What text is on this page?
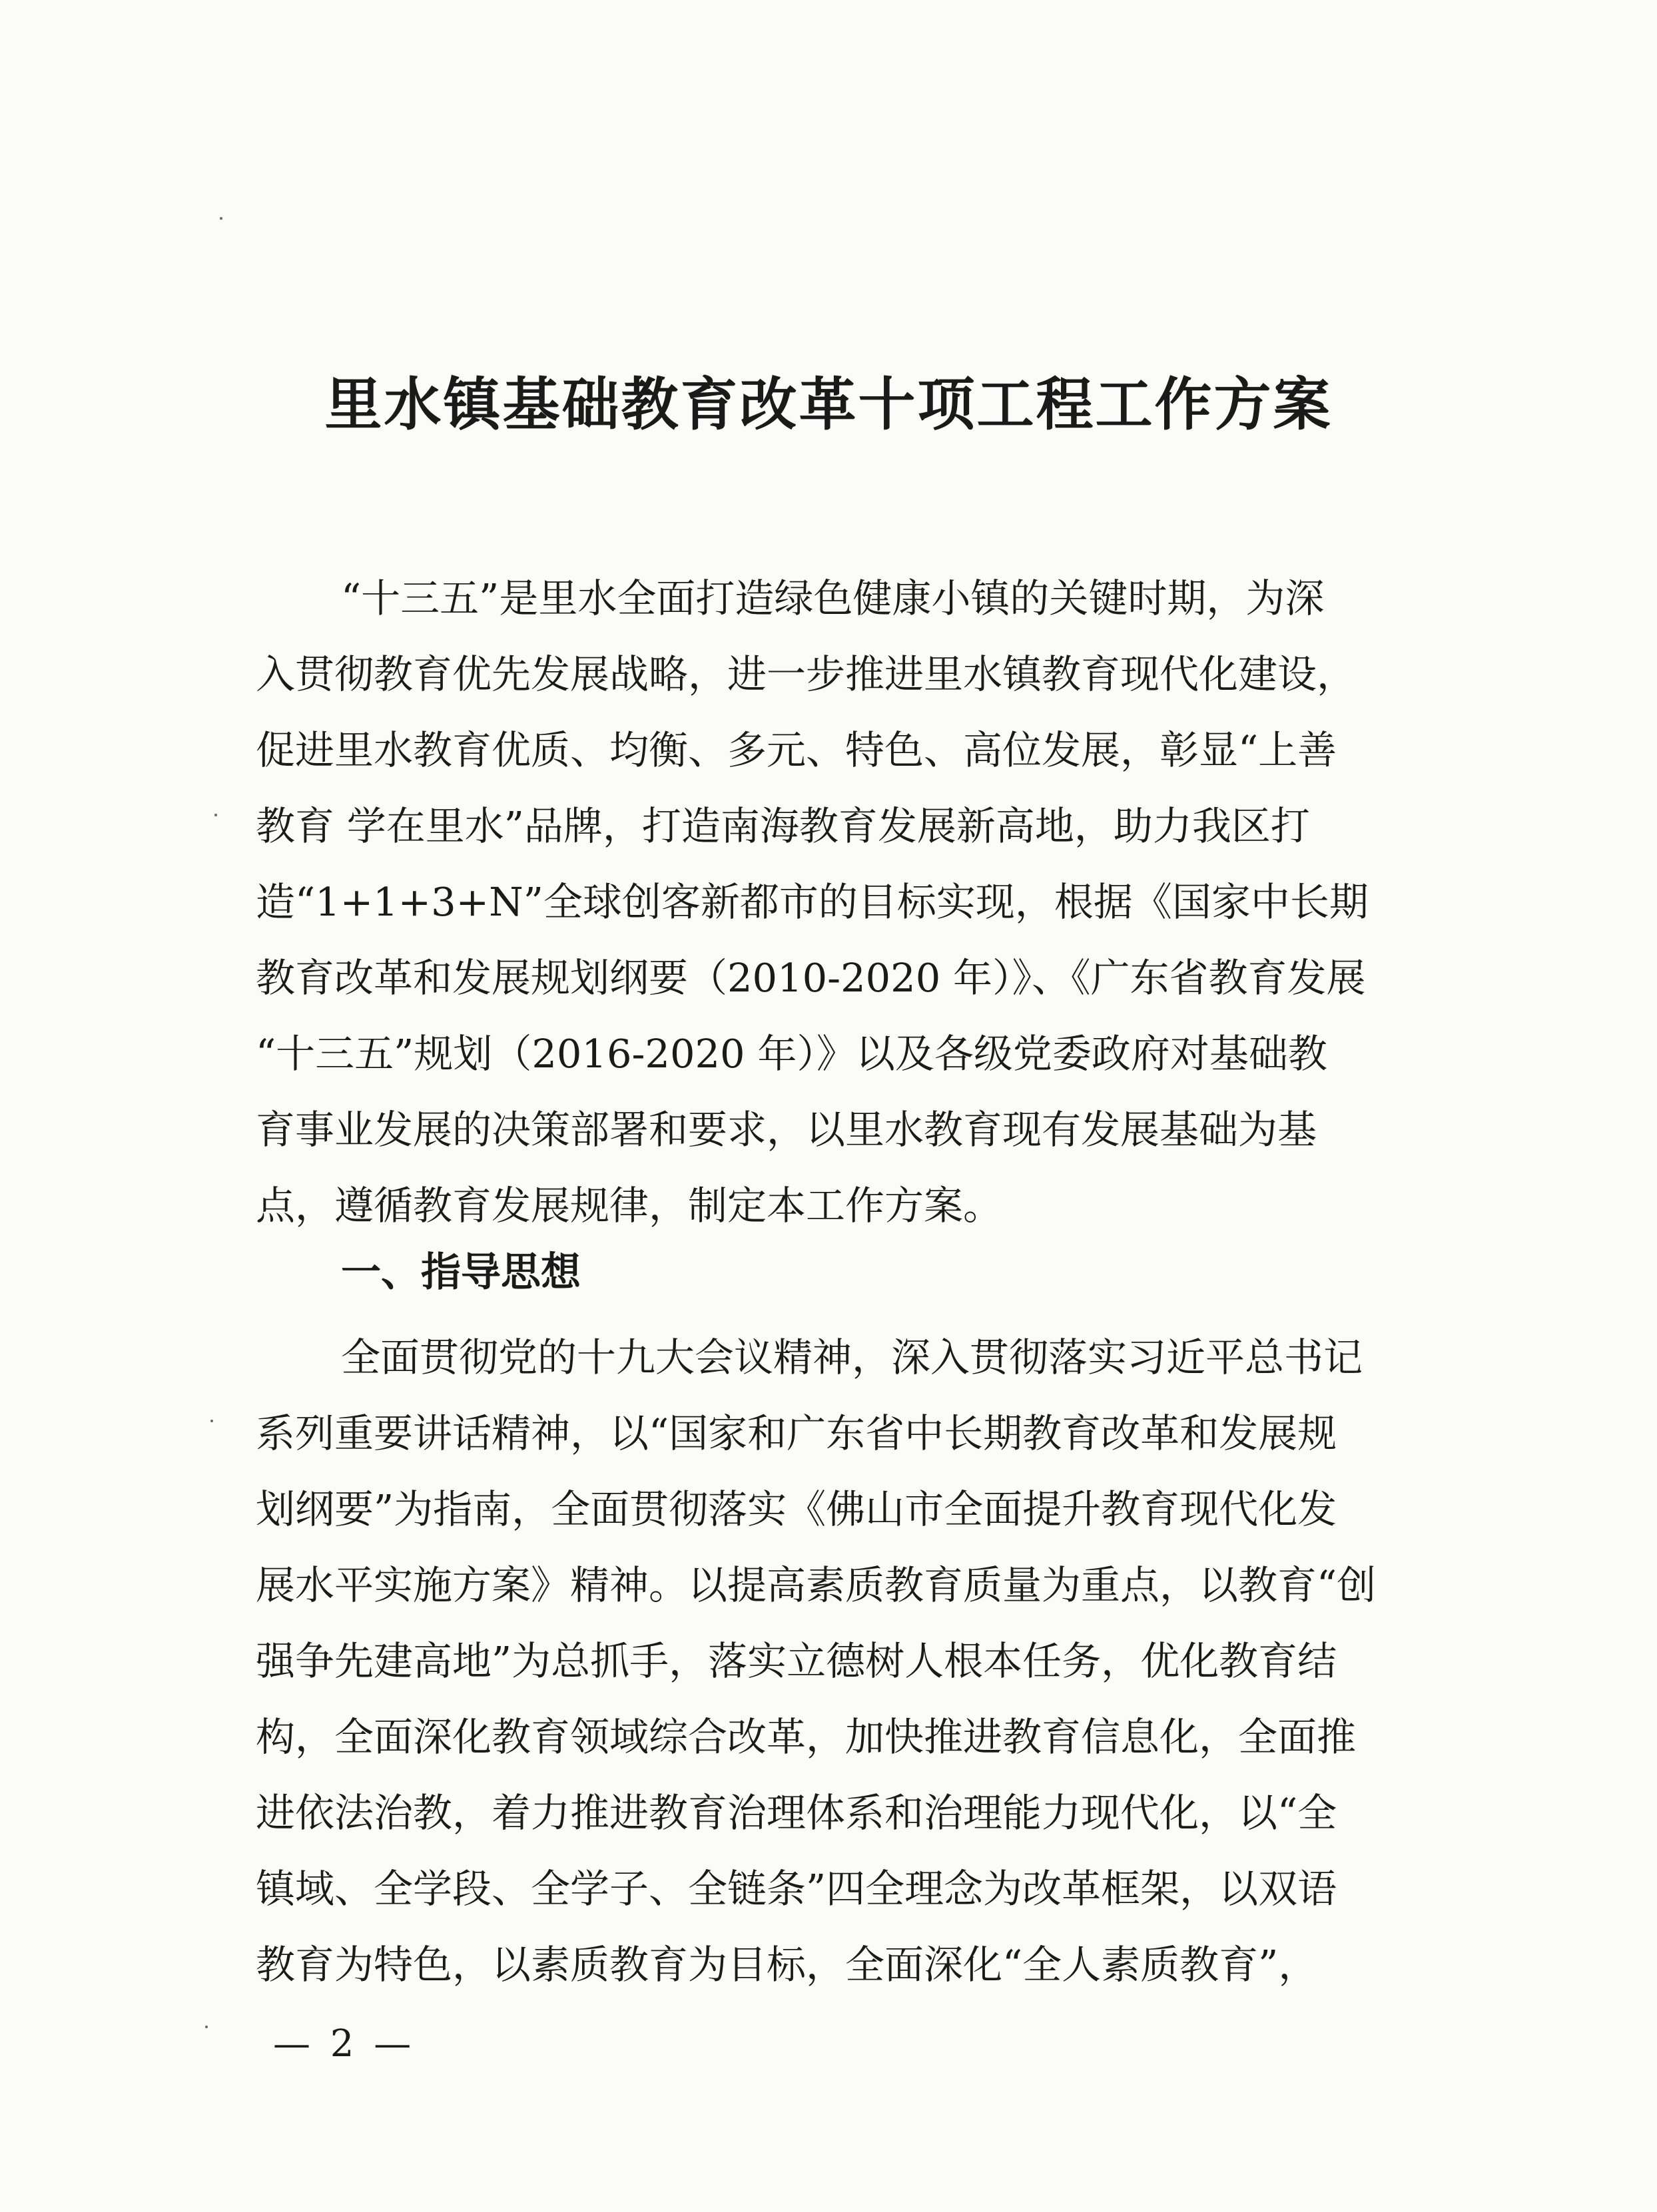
里水镇基础教育改革十项工程工作方案
“十三五”是里水全面打造绿色健康小镇的关键时期，为深
入贯彻教育优先发展战略，进一步推进里水镇教育现代化建设，
促进里水教育优质、均衡、多元、特色、高位发展，彰显“上善
教育 学在里水”品牌，打造南海教育发展新高地，助力我区打
造“1+1+3+N”全球创客新都市的目标实现，根据《国家中长期
教育改革和发展规划纲要（2010-2020 年）》、《广东省教育发展
“十三五”规划（2016-2020 年）》以及各级党委政府对基础教
育事业发展的决策部署和要求，以里水教育现有发展基础为基
点，遵循教育发展规律，制定本工作方案。
一、指导思想
全面贯彻党的十九大会议精神，深入贯彻落实习近平总书记
系列重要讲话精神，以“国家和广东省中长期教育改革和发展规
划纲要”为指南，全面贯彻落实《佛山市全面提升教育现代化发
展水平实施方案》精神。以提高素质教育质量为重点，以教育“创
强争先建高地”为总抓手，落实立德树人根本任务，优化教育结
构，全面深化教育领域综合改革，加快推进教育信息化，全面推
进依法治教，着力推进教育治理体系和治理能力现代化，以“全
镇域、全学段、全学子、全链条”四全理念为改革框架，以双语
教育为特色，以素质教育为目标，全面深化“全人素质教育”，
— 2 —
